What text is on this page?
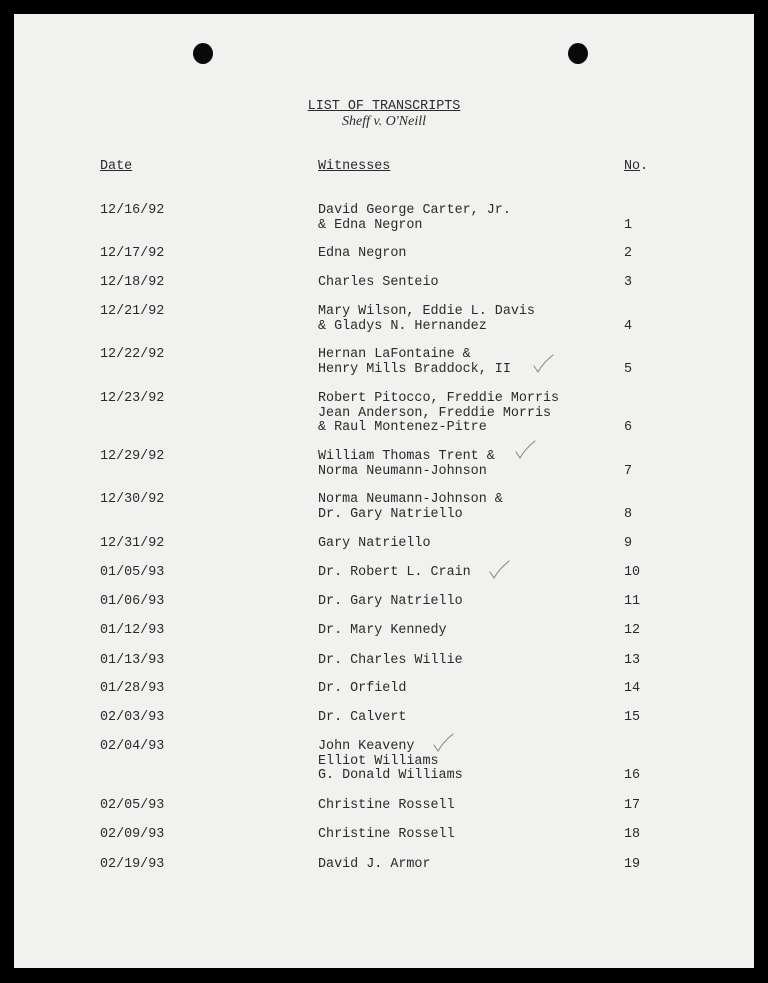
LIST OF TRANSCRIPTS
Sheff v. O'Neill
Date	Witnesses	No.
12/16/92	David George Carter, Jr.
& Edna Negron	1
12/17/92	Edna Negron	2
12/18/92	Charles Senteio	3
12/21/92	Mary Wilson, Eddie L. Davis
& Gladys N. Hernandez	4
12/22/92	Hernan LaFontaine &
Henry Mills Braddock, II	5
12/23/92	Robert Pitocco, Freddie Morris
Jean Anderson, Freddie Morris
& Raul Montenez-Pitre	6
12/29/92	William Thomas Trent &
Norma Neumann-Johnson	7
12/30/92	Norma Neumann-Johnson &
Dr. Gary Natriello	8
12/31/92	Gary Natriello	9
01/05/93	Dr. Robert L. Crain	10
01/06/93	Dr. Gary Natriello	11
01/12/93	Dr. Mary Kennedy	12
01/13/93	Dr. Charles Willie	13
01/28/93	Dr. Orfield	14
02/03/93	Dr. Calvert	15
02/04/93	John Keaveny
Elliot Williams
G. Donald Williams	16
02/05/93	Christine Rossell	17
02/09/93	Christine Rossell	18
02/19/93	David J. Armor	19
